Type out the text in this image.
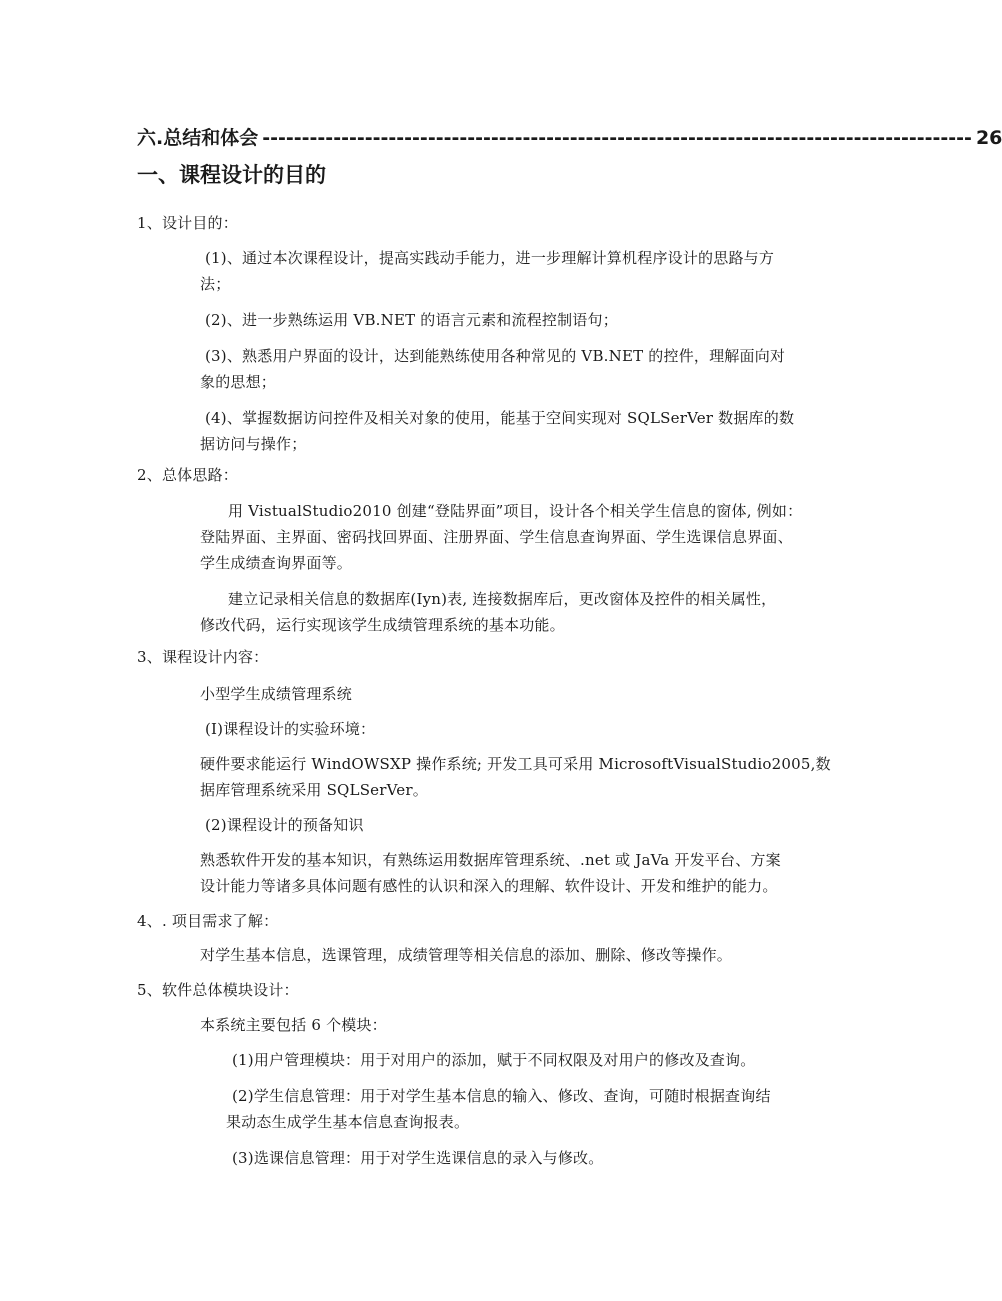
六.总结和体会 ------------------------------------------------------------------------------------------ 26
一、课程设计的目的
1、设计目的：
(1)、通过本次课程设计，提高实践动手能力，进一步理解计算机程序设计的思路与方
法；
(2)、进一步熟练运用 VB.NET 的语言元素和流程控制语句；
(3)、熟悉用户界面的设计，达到能熟练使用各种常见的 VB.NET 的控件，理解面向对
象的思想；
(4)、掌握数据访问控件及相关对象的使用，能基于空间实现对 SQLSerVer 数据库的数
据访问与操作；
2、总体思路：
用 VistualStudio2010 创建“登陆界面”项目，设计各个相关学生信息的窗体, 例如：
登陆界面、主界面、密码找回界面、注册界面、学生信息查询界面、学生选课信息界面、
学生成绩查询界面等。
建立记录相关信息的数据库(Iyn)表, 连接数据库后，更改窗体及控件的相关属性，
修改代码，运行实现该学生成绩管理系统的基本功能。
3、课程设计内容：
小型学生成绩管理系统
(I)课程设计的实验环境：
硬件要求能运行 WindOWSXP 操作系统; 开发工具可采用 MicrosoftVisualStudio2005,数
据库管理系统采用 SQLSerVer。
(2)课程设计的预备知识
熟悉软件开发的基本知识，有熟练运用数据库管理系统、.net 或 JaVa 开发平台、方案
设计能力等诸多具体问题有感性的认识和深入的理解、软件设计、开发和维护的能力。
4、. 项目需求了解：
对学生基本信息，选课管理，成绩管理等相关信息的添加、删除、修改等操作。
5、软件总体模块设计：
本系统主要包括 6 个模块：
(1)用户管理模块：用于对用户的添加，赋于不同权限及对用户的修改及查询。
(2)学生信息管理：用于对学生基本信息的输入、修改、查询，可随时根据查询结
果动态生成学生基本信息查询报表。
(3)选课信息管理：用于对学生选课信息的录入与修改。
